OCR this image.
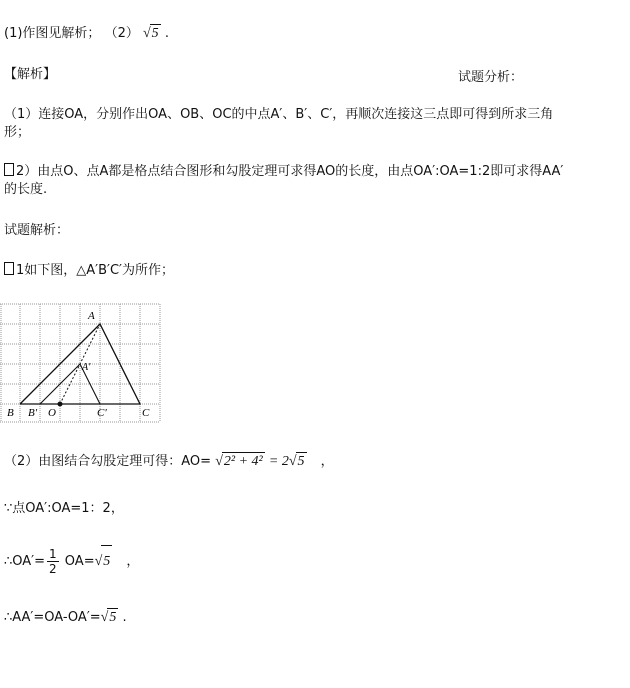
(1)作图见解析； （2） √5 .
【解析】	试题分析：
（1）连接OA，分别作出OA、OB、OC的中点A′、B′、C′，再顺次连接这三点即可得到所求三角
形；
2）由点O、点A都是格点结合图形和勾股定理可求得AO的长度，由点OA′:OA=1:2即可求得AA′
的长度.
试题解析：
1如下图，△A′B′C′为所作；
A
A′
B B′ O	C′	C
（2）由图结合勾股定理可得：AO= √2² + 4² = 2√5 ，
∵点OA′:OA=1：2，
∴OA′= $\frac{1}{2} OA=√5$ ，
∴AA′=OA-OA′=√5 .
